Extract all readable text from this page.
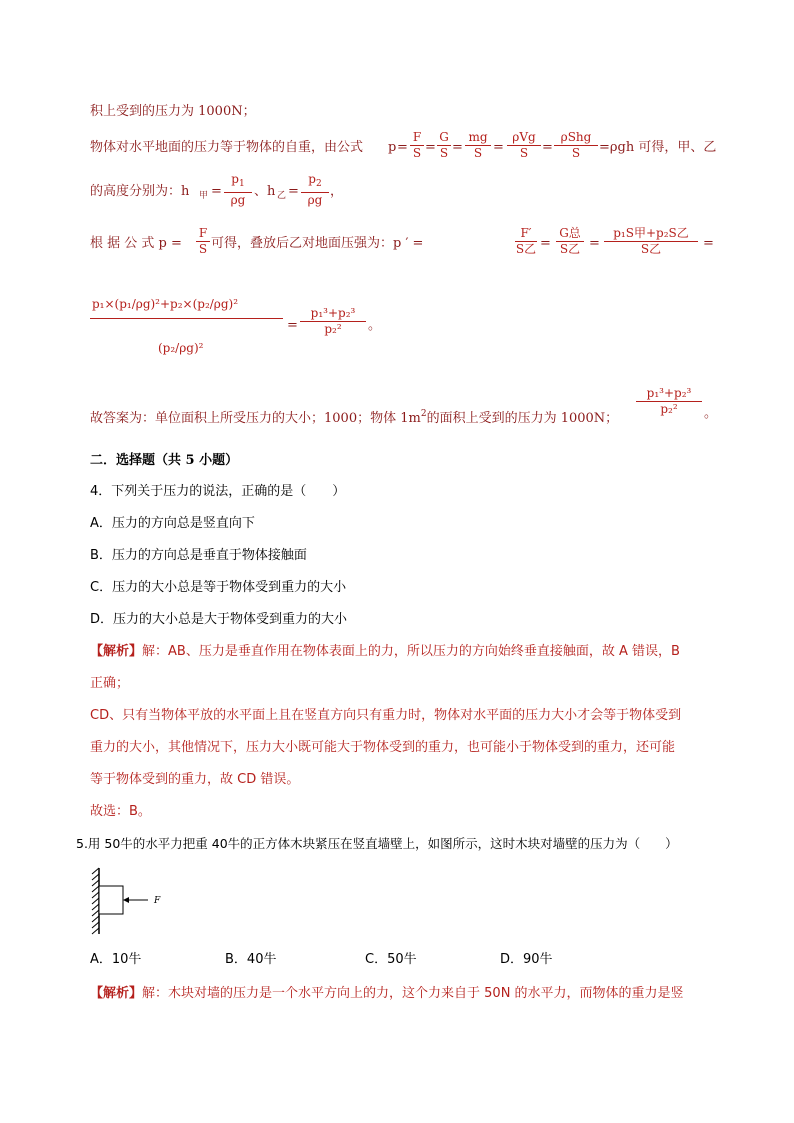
积上受到的压力为 1000N；
物体对水平地面的压力等于物体的自重，由公式 $p = \frac{F}{S} = \frac{G}{S} = \frac{mg}{S}$ =
ρVg
S	=
ρShg
S	=ρgh 可得，甲、乙
的高度分别为：h 甲 = $\frac{p_1}{\rho g}$ 、h 乙 = $\frac{p_2}{\rho g}$ ，
根 据 公 式 $p = \frac{F}{S}$ 可得，叠放后乙对地面压强为：p ′ =
F′
S乙 =
G总
S乙 =
p₁S甲+p₂S乙
S乙	=
p₁×(p₁/ρg)²+p₂×(p₂/ρg)²
(p₂/ρg)²
= $\frac{\text{p₁³+p₂³}}{\text{p₂²}}$ 。
故答案为：单位面积上所受压力的大小；1000；物体 $1m^2$的面积上受到的压力为 1000N；
$\frac{\text{p₁³+p₂³}}{\text{p₂²}}$ 。
二．选择题（共 5 小题）
4．下列关于压力的说法，正确的是（　　）
A．压力的方向总是竖直向下
B．压力的方向总是垂直于物体接触面
C．压力的大小总是等于物体受到重力的大小
D．压力的大小总是大于物体受到重力的大小
【解析】解：AB、压力是垂直作用在物体表面上的力，所以压力的方向始终垂直接触面，故 A 错误，B
正确；
CD、只有当物体平放的水平面上且在竖直方向只有重力时，物体对水平面的压力大小才会等于物体受到
重力的大小，其他情况下，压力大小既可能大于物体受到的重力，也可能小于物体受到的重力，还可能
等于物体受到的重力，故 CD 错误。
故选：B。
5.用 50牛的水平力把重 40牛的正方体木块紧压在竖直墙壁上，如图所示，这时木块对墙壁的压力为（　　）
F
A．10牛	B．40牛	C．50牛	D．90牛
【解析】解：木块对墙的压力是一个水平方向上的力，这个力来自于 50N 的水平力，而物体的重力是竖
